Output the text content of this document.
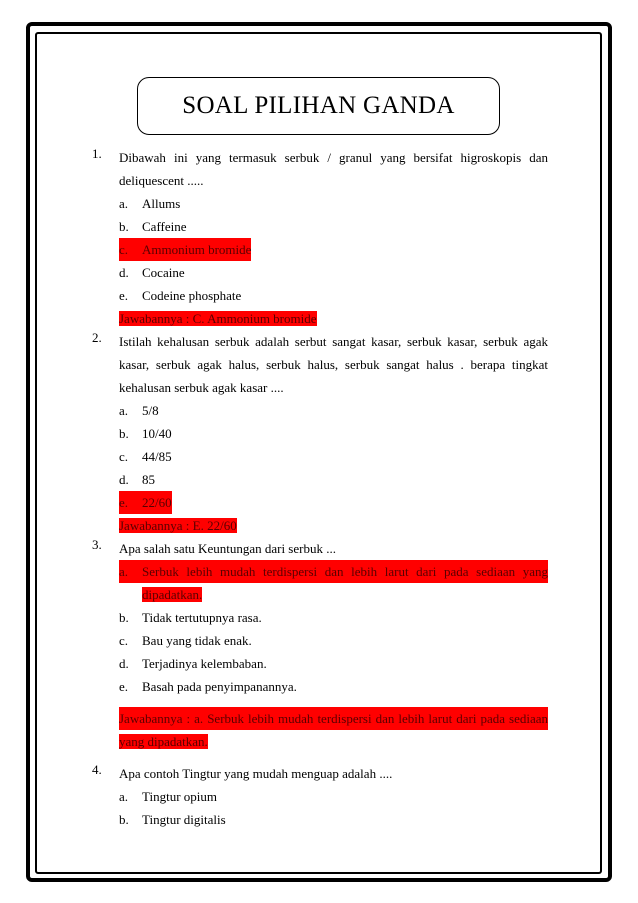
SOAL PILIHAN GANDA
1.	Dibawah ini yang termasuk serbuk / granul yang bersifat higroskopis dan
deliquescent .....
a.	Allums
b.	Caffeine
c.	Ammonium bromide
d.	Cocaine
e.	Codeine phosphate
Jawabannya : C. Ammonium bromide
2.	Istilah kehalusan serbuk adalah serbut sangat kasar, serbuk kasar, serbuk agak
kasar, serbuk agak halus, serbuk halus, serbuk sangat halus . berapa tingkat
kehalusan serbuk agak kasar ....
a.	5/8
b.	10/40
c.	44/85
d.	85
e.	22/60
Jawabannya : E. 22/60
3.	Apa salah satu Keuntungan dari serbuk ...
a.	Serbuk lebih mudah terdispersi dan lebih larut dari pada sediaan yang
dipadatkan.
b.	Tidak tertutupnya rasa.
c.	Bau yang tidak enak.
d.	Terjadinya kelembaban.
e.	Basah pada penyimpanannya.
Jawabannya : a. Serbuk lebih mudah terdispersi dan lebih larut dari pada sediaan
yang dipadatkan.
4.	Apa contoh Tingtur yang mudah menguap adalah ....
a.	Tingtur opium
b.	Tingtur digitalis
